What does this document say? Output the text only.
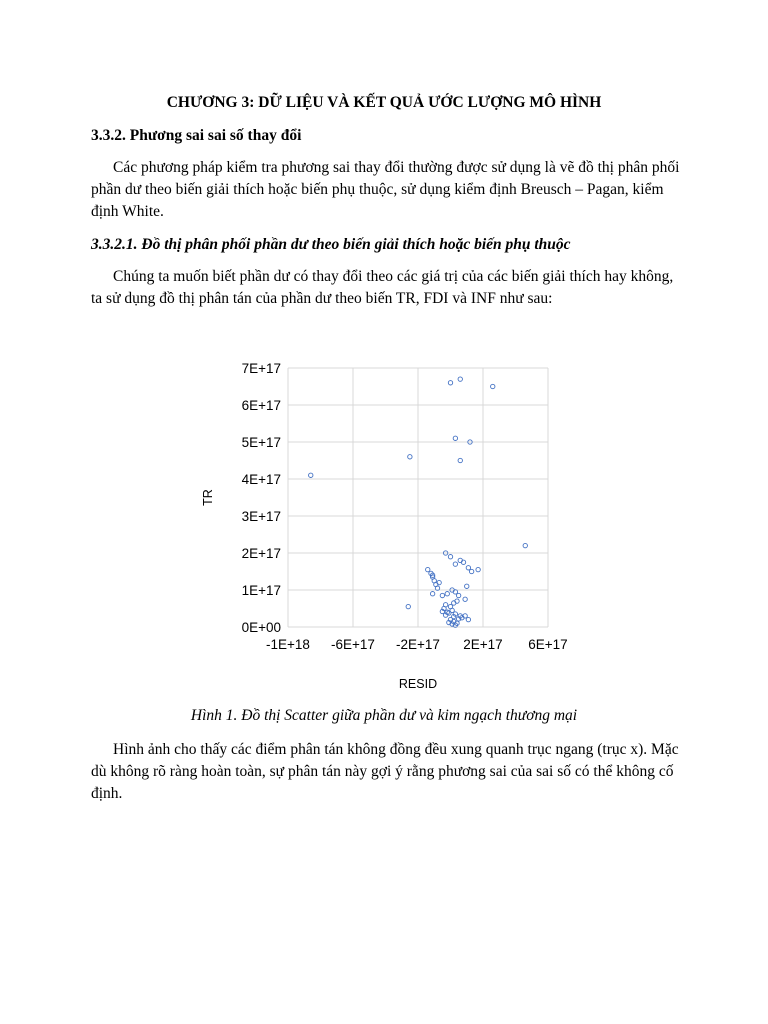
CHƯƠNG 3: DỮ LIỆU VÀ KẾT QUẢ ƯỚC LƯỢNG MÔ HÌNH
3.3.2. Phương sai sai số thay đổi
Các phương pháp kiểm tra phương sai thay đổi thường được sử dụng là vẽ đồ thị phân phối phần dư theo biến giải thích hoặc biến phụ thuộc, sử dụng kiểm định Breusch – Pagan, kiểm định White.
3.3.2.1. Đồ thị phân phối phần dư theo biến giải thích hoặc biến phụ thuộc
Chúng ta muốn biết phần dư có thay đổi theo các giá trị của các biến giải thích hay không, ta sử dụng đồ thị phân tán của phần dư theo biến TR, FDI và INF như sau:
0E+00
1E+17
2E+17
3E+17
4E+17
5E+17
6E+17
7E+17
-1E+18 -6E+17 -2E+17 2E+17 6E+17
TR
RESID
Hình 1. Đồ thị Scatter giữa phần dư và kim ngạch thương mại
Hình ảnh cho thấy các điểm phân tán không đồng đều xung quanh trục ngang (trục x). Mặc dù không rõ ràng hoàn toàn, sự phân tán này gợi ý rằng phương sai của sai số có thể không cố định.
